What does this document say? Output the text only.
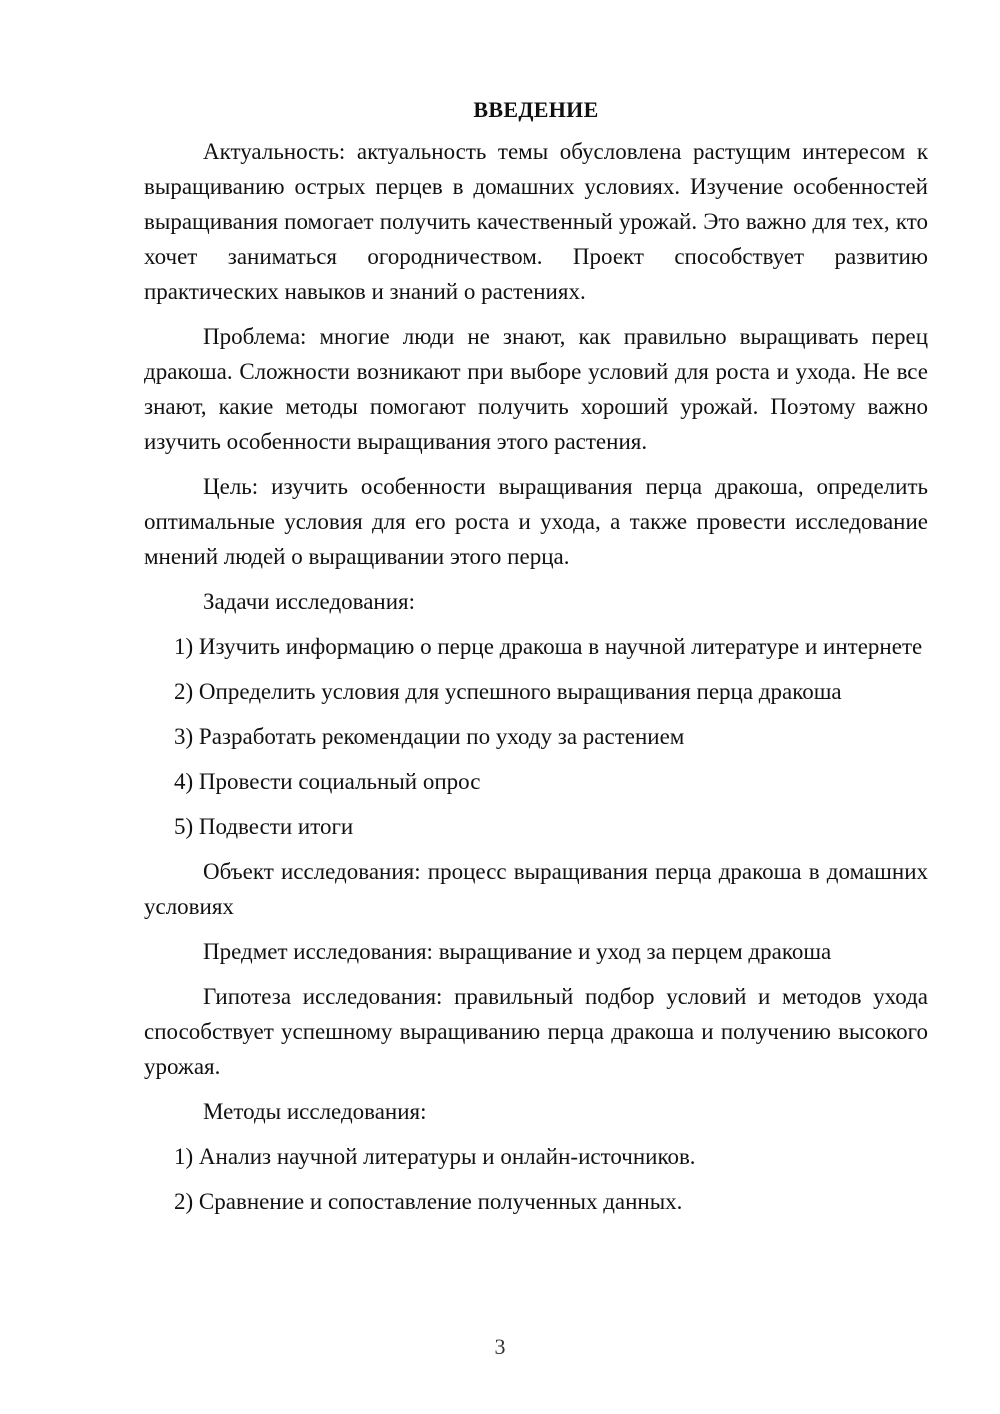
ВВЕДЕНИЕ

Актуальность: актуальность темы обусловлена растущим интересом к выращиванию острых перцев в домашних условиях. Изучение особенностей выращивания помогает получить качественный урожай. Это важно для тех, кто хочет заниматься огородничеством. Проект способствует развитию практических навыков и знаний о растениях.

Проблема: многие люди не знают, как правильно выращивать перец дракоша. Сложности возникают при выборе условий для роста и ухода. Не все знают, какие методы помогают получить хороший урожай. Поэтому важно изучить особенности выращивания этого растения.

Цель: изучить особенности выращивания перца дракоша, определить оптимальные условия для его роста и ухода, а также провести исследование мнений людей о выращивании этого перца.

Задачи исследования:

1) Изучить информацию о перце дракоша в научной литературе и интернете

2) Определить условия для успешного выращивания перца дракоша

3) Разработать рекомендации по уходу за растением

4) Провести социальный опрос

5) Подвести итоги

Объект исследования: процесс выращивания перца дракоша в домашних условиях

Предмет исследования: выращивание и уход за перцем дракоша

Гипотеза исследования: правильный подбор условий и методов ухода способствует успешному выращиванию перца дракоша и получению высокого урожая.

Методы исследования:

1) Анализ научной литературы и онлайн-источников.

2) Сравнение и сопоставление полученных данных.

3
